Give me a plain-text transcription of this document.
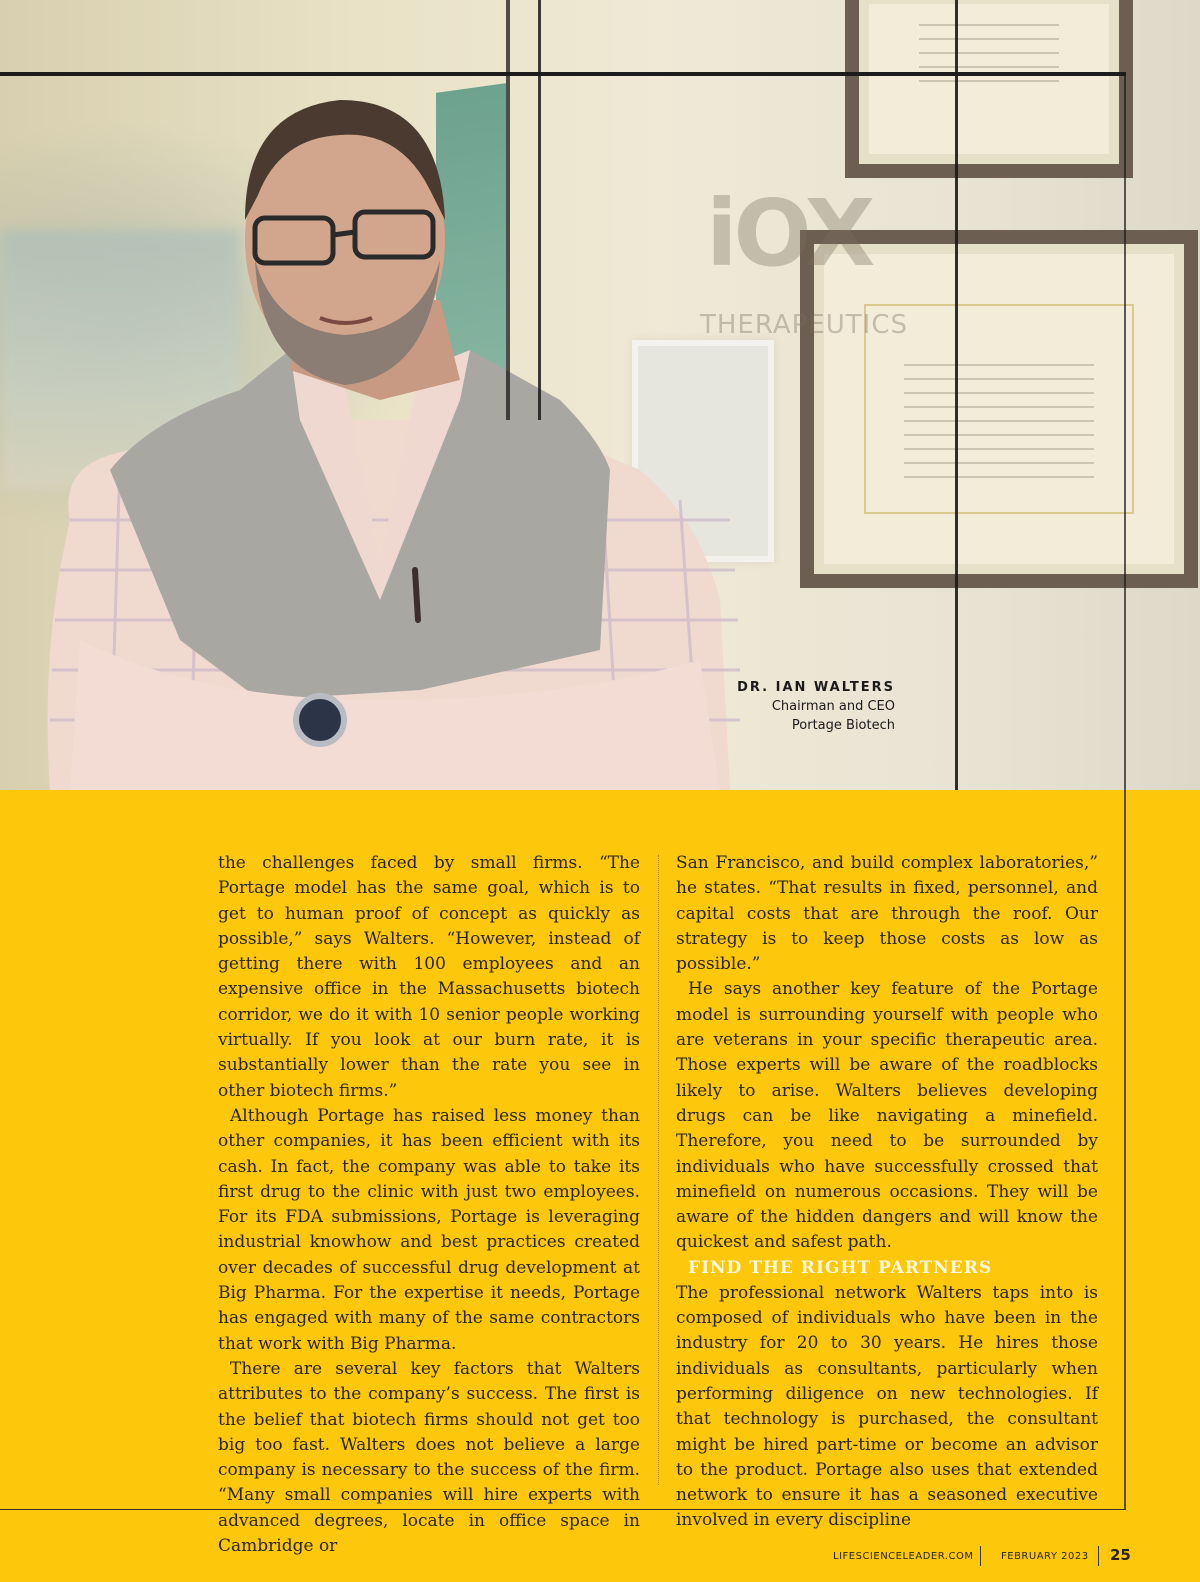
iOX
THERAPEUTICS
DR. IAN WALTERS
Chairman and CEO
Portage Biotech

the challenges faced by small firms. “The Portage model has the same goal, which is to get to human proof of concept as quickly as possible,” says Walters. “However, instead of getting there with 100 employees and an expensive office in the Massachusetts biotech corridor, we do it with 10 senior people working virtually. If you look at our burn rate, it is substantially lower than the rate you see in other biotech firms.”

Although Portage has raised less money than other companies, it has been efficient with its cash. In fact, the company was able to take its first drug to the clinic with just two employees. For its FDA submissions, Portage is leveraging industrial knowhow and best practices created over decades of successful drug development at Big Pharma. For the expertise it needs, Portage has engaged with many of the same contractors that work with Big Pharma.

There are several key factors that Walters attributes to the company’s success. The first is the belief that biotech firms should not get too big too fast. Walters does not believe a large company is necessary to the success of the firm. “Many small companies will hire experts with advanced degrees, locate in office space in Cambridge or

San Francisco, and build complex laboratories,” he states. “That results in fixed, personnel, and capital costs that are through the roof. Our strategy is to keep those costs as low as possible.”

He says another key feature of the Portage model is surrounding yourself with people who are veterans in your specific therapeutic area. Those experts will be aware of the roadblocks likely to arise. Walters believes developing drugs can be like navigating a minefield. Therefore, you need to be surrounded by individuals who have successfully crossed that minefield on numerous occasions. They will be aware of the hidden dangers and will know the quickest and safest path.

FIND THE RIGHT PARTNERS

The professional network Walters taps into is composed of individuals who have been in the industry for 20 to 30 years. He hires those individuals as consultants, particularly when performing diligence on new technologies. If that technology is purchased, the consultant might be hired part-time or become an advisor to the product. Portage also uses that extended network to ensure it has a seasoned executive involved in every discipline

LIFESCIENCELEADER.COM	FEBRUARY 2023 25
